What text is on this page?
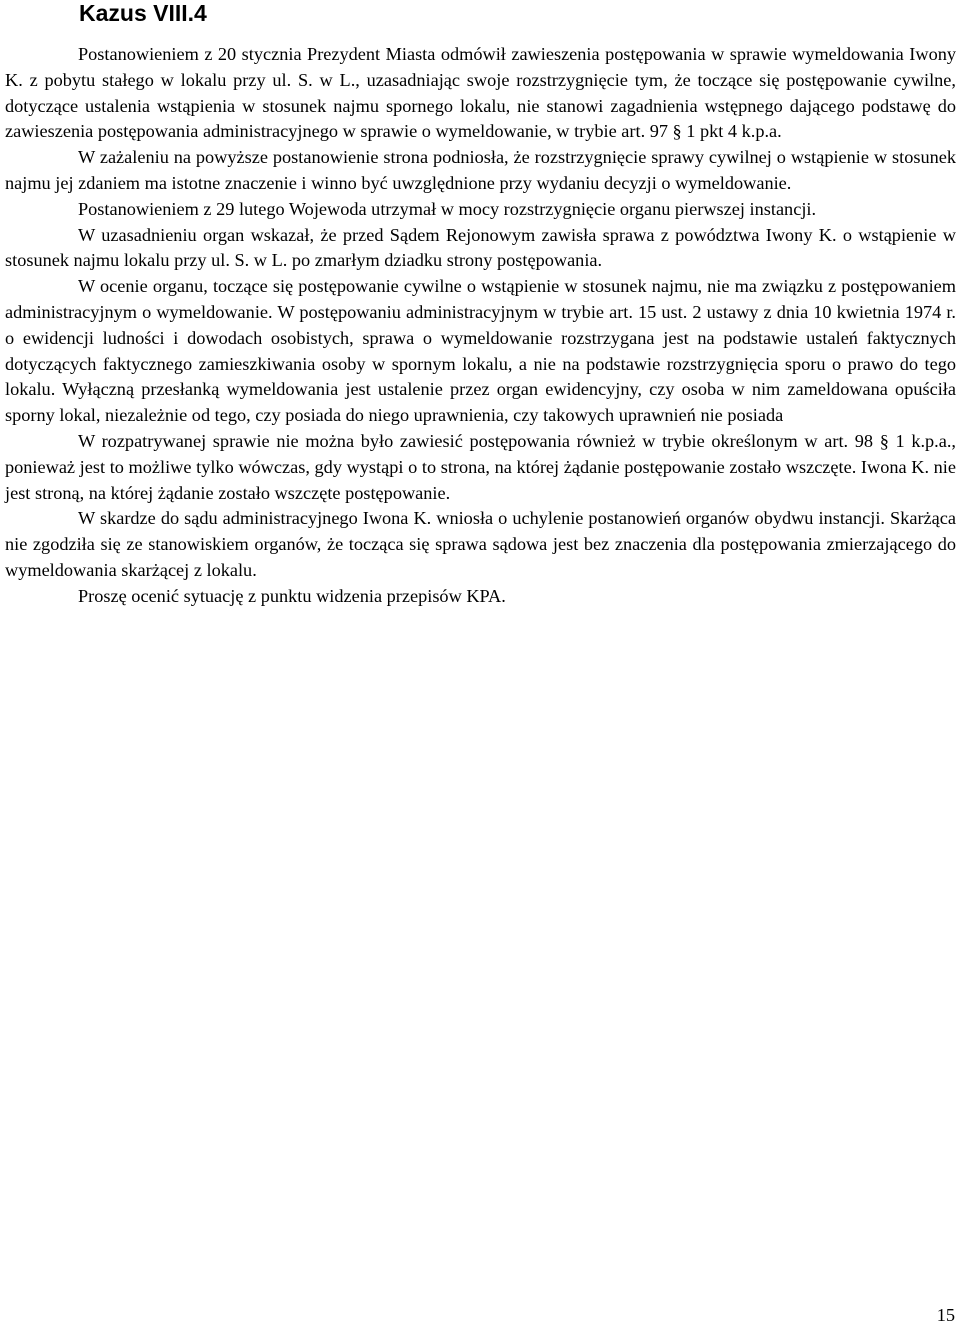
Kazus VIII.4

Postanowieniem z 20 stycznia Prezydent Miasta odmówił zawieszenia postępowania w sprawie wymeldowania Iwony K. z pobytu stałego w lokalu przy ul. S. w L., uzasadniając swoje rozstrzygnięcie tym, że toczące się postępowanie cywilne, dotyczące ustalenia wstąpienia w stosunek najmu spornego lokalu, nie stanowi zagadnienia wstępnego dającego podstawę do zawieszenia postępowania administracyjnego w sprawie o wymeldowanie, w trybie art. 97 § 1 pkt 4 k.p.a.

W zażaleniu na powyższe postanowienie strona podniosła, że rozstrzygnięcie sprawy cywilnej o wstąpienie w stosunek najmu jej zdaniem ma istotne znaczenie i winno być uwzględnione przy wydaniu decyzji o wymeldowanie.

Postanowieniem z 29 lutego Wojewoda utrzymał w mocy rozstrzygnięcie organu pierwszej instancji.

W uzasadnieniu organ wskazał, że przed Sądem Rejonowym zawisła sprawa z powództwa Iwony K. o wstąpienie w stosunek najmu lokalu przy ul. S. w L. po zmarłym dziadku strony postępowania.

W ocenie organu, toczące się postępowanie cywilne o wstąpienie w stosunek najmu, nie ma związku z postępowaniem administracyjnym o wymeldowanie. W postępowaniu administracyjnym w trybie art. 15 ust. 2 ustawy z dnia 10 kwietnia 1974 r. o ewidencji ludności i dowodach osobistych, sprawa o wymeldowanie rozstrzygana jest na podstawie ustaleń faktycznych dotyczących faktycznego zamieszkiwania osoby w spornym lokalu, a nie na podstawie rozstrzygnięcia sporu o prawo do tego lokalu. Wyłączną przesłanką wymeldowania jest ustalenie przez organ ewidencyjny, czy osoba w nim zameldowana opuściła sporny lokal, niezależnie od tego, czy posiada do niego uprawnienia, czy takowych uprawnień nie posiada

W rozpatrywanej sprawie nie można było zawiesić postępowania również w trybie określonym w art. 98 § 1 k.p.a., ponieważ jest to możliwe tylko wówczas, gdy wystąpi o to strona, na której żądanie postępowanie zostało wszczęte. Iwona K. nie jest stroną, na której żądanie zostało wszczęte postępowanie.

W skardze do sądu administracyjnego Iwona K. wniosła o uchylenie postanowień organów obydwu instancji. Skarżąca nie zgodziła się ze stanowiskiem organów, że tocząca się sprawa sądowa jest bez znaczenia dla postępowania zmierzającego do wymeldowania skarżącej z lokalu.

Proszę ocenić sytuację z punktu widzenia przepisów KPA.

15
